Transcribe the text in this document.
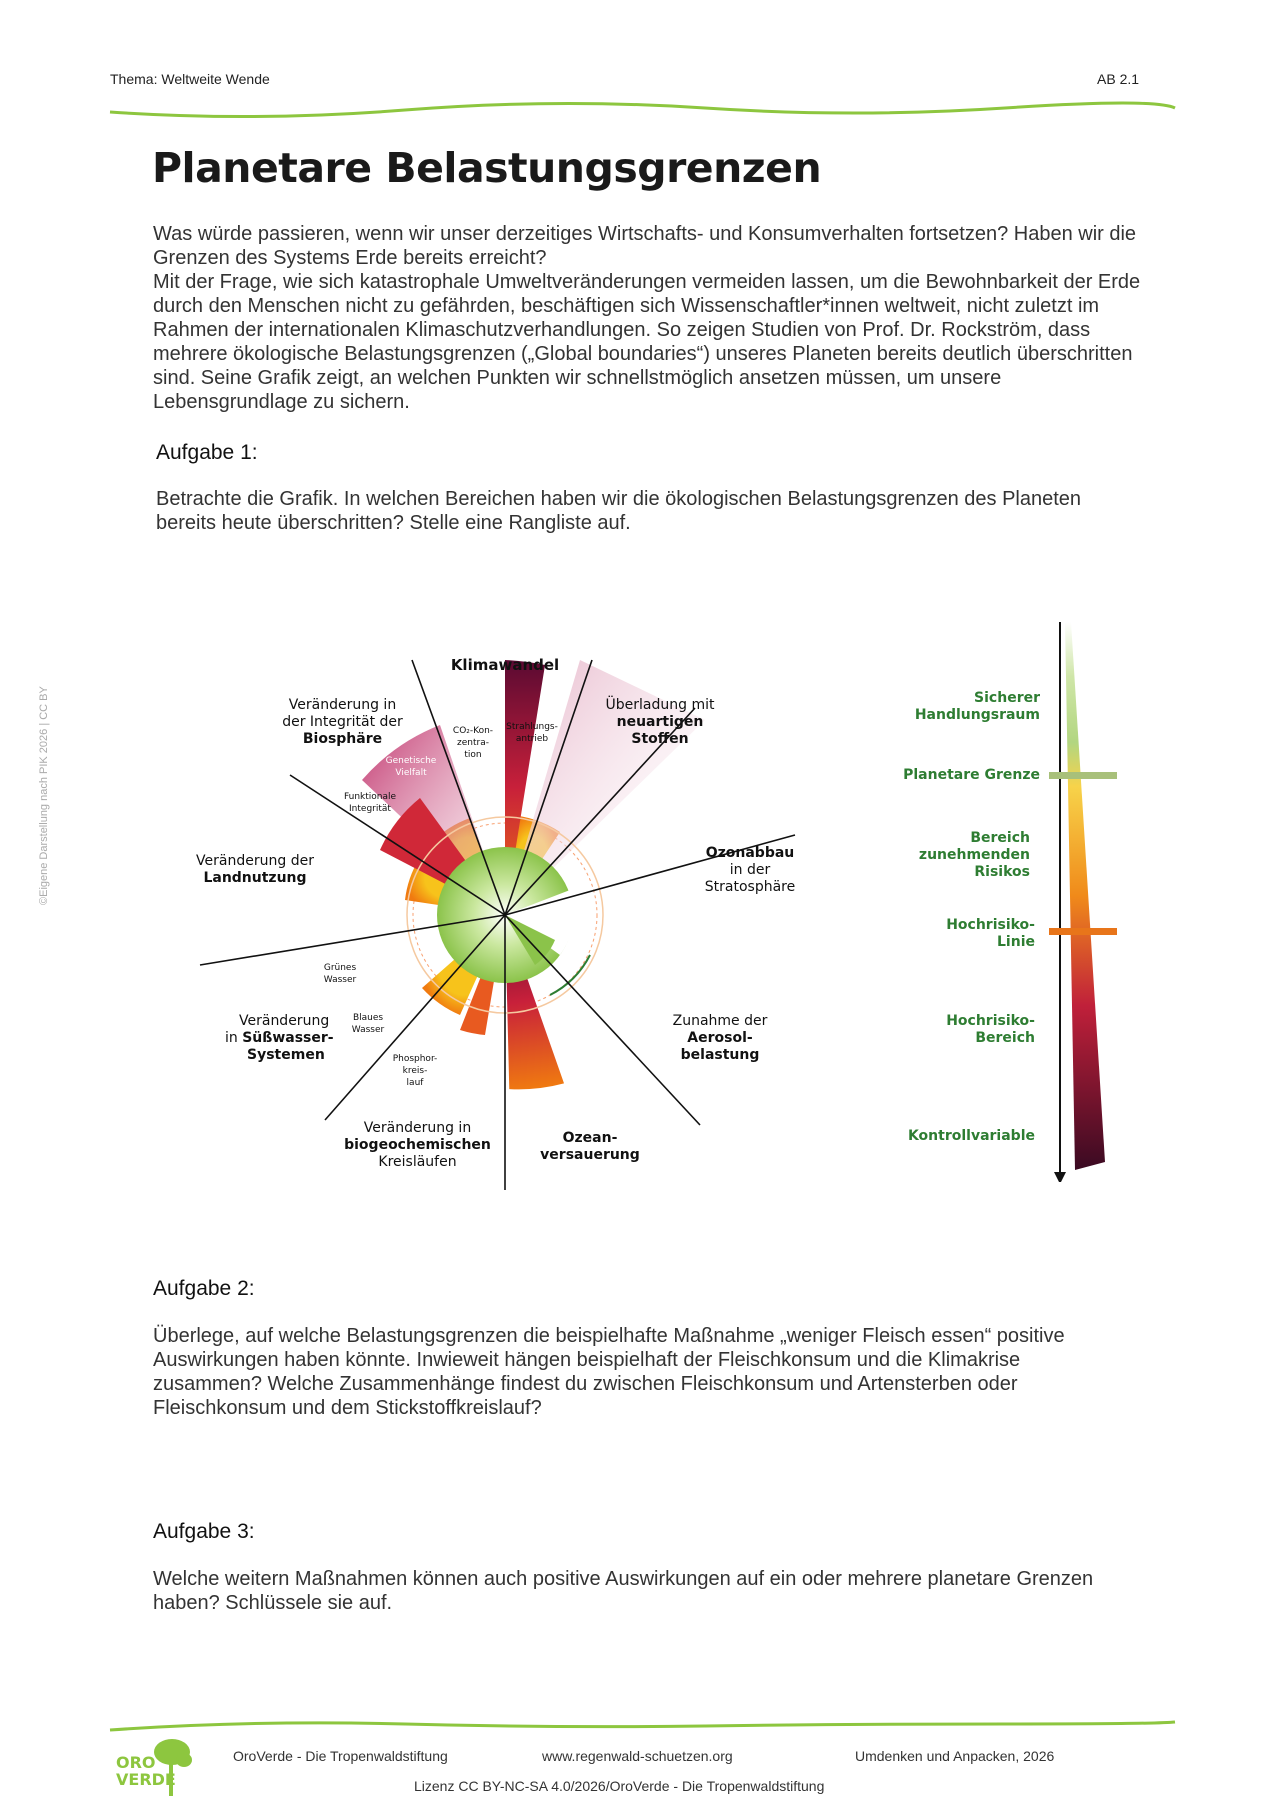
Thema: Weltweite Wende	AB 2.1
Planetare Belastungsgrenzen

Was würde passieren, wenn wir unser derzeitiges Wirtschafts- und Konsumverhalten fortsetzen? Haben wir die Grenzen des Systems Erde bereits erreicht?

Mit der Frage, wie sich katastrophale Umweltveränderungen vermeiden lassen, um die Bewohnbarkeit der Erde durch den Menschen nicht zu gefährden, beschäftigen sich Wissenschaftler*innen weltweit, nicht zuletzt im Rahmen der internationalen Klimaschutzverhandlungen. So zeigen Studien von Prof. Dr. Rockström, dass mehrere ökologische Belastungsgrenzen („Global boundaries“) unseres Planeten bereits deutlich überschritten sind. Seine Grafik zeigt, an welchen Punkten wir schnellstmöglich ansetzen müssen, um unsere Lebensgrundlage zu sichern.

Aufgabe 1:

Betrachte die Grafik. In welchen Bereichen haben wir die ökologischen Belastungsgrenzen des Planeten bereits heute überschritten? Stelle eine Rangliste auf.

©Eigene Darstellung nach PIK 2026 | CC BY
Klimawandel
CO₂-Kon-
zentra-
tion
Strahlungs-
antrieb
Veränderung in
der Integrität der
Biosphäre
Genetische
Vielfalt
Funktionale
Integrität
Überladung mit
neuartigen
Stoffen
Ozonabbau
in der
Stratosphäre
Veränderung der
Landnutzung
Grünes
Wasser
Blaues
Wasser
Veränderung
in Süßwasser-
Systemen	Phosphor-
kreis-
lauf
Stickstoff-
kreis-
lauf
Zunahme der
Aerosol-
belastung
Veränderung in
biogeochemischen
Kreisläufen
Ozean-
versauerung
Sicherer
Handlungsraum
Planetare Grenze
Bereich
zunehmenden
Risikos
Hochrisiko-
Linie
Hochrisiko-
Bereich
Kontrollvariable
Aufgabe 2:

Überlege, auf welche Belastungsgrenzen die beispielhafte Maßnahme „weniger Fleisch essen“ positive Auswirkungen haben könnte. Inwieweit hängen beispielhaft der Fleischkonsum und die Klimakrise zusammen? Welche Zusammenhänge findest du zwischen Fleischkonsum und Artensterben oder Fleischkonsum und dem Stickstoffkreislauf?

Aufgabe 3:

Welche weitern Maßnahmen können auch positive Auswirkungen auf ein oder mehrere planetare Grenzen haben? Schlüssele sie auf.

ORO
VERDE
OroVerde - Die Tropenwaldstiftung	www.regenwald-schuetzen.org	Umdenken und Anpacken, 2026
Lizenz CC BY-NC-SA 4.0/2026/OroVerde - Die Tropenwaldstiftung
